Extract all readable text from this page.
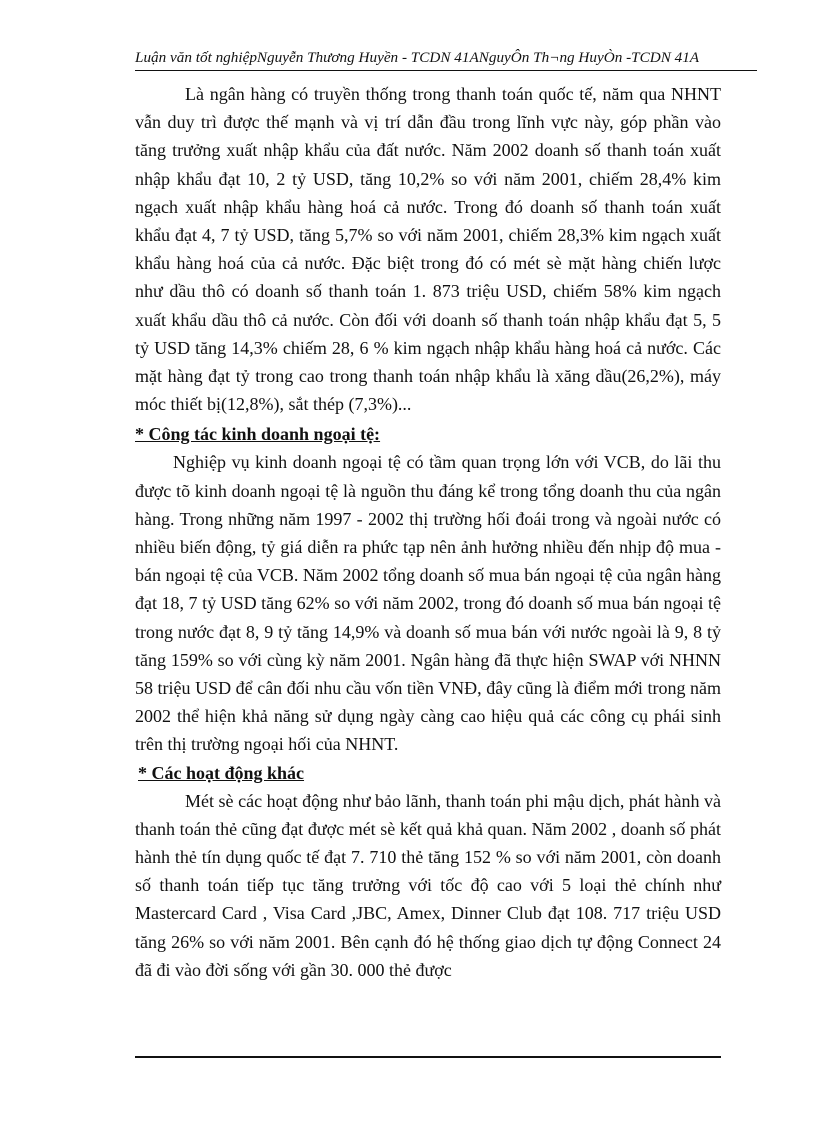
Luận văn tốt nghiệpNguyễn Thương Huyền - TCDN 41ANguyÔn Th¬ng HuyÒn -TCDN 41A

Là ngân hàng có truyền thống trong thanh toán quốc tế, năm qua NHNT vẫn duy trì được thế mạnh và vị trí dẫn đầu trong lĩnh vực này, góp phần vào tăng trưởng xuất nhập khẩu của đất nước. Năm 2002 doanh số thanh toán xuất nhập khẩu đạt 10, 2 tỷ USD, tăng 10,2% so với năm 2001, chiếm 28,4% kim ngạch xuất nhập khẩu hàng hoá cả nước. Trong đó doanh số thanh toán xuất khẩu đạt 4, 7 tỷ USD, tăng 5,7% so với năm 2001, chiếm 28,3% kim ngạch xuất khẩu hàng hoá của cả nước. Đặc biệt trong đó có mét sè mặt hàng chiến lược như dầu thô có doanh số thanh toán 1. 873 triệu USD, chiếm 58% kim ngạch xuất khẩu dầu thô cả nước. Còn đối với doanh số thanh toán nhập khẩu đạt 5, 5 tỷ USD tăng 14,3% chiếm 28, 6 % kim ngạch nhập khẩu hàng hoá cả nước. Các mặt hàng đạt tỷ trong cao trong thanh toán nhập khẩu là xăng dầu(26,2%), máy móc thiết bị(12,8%), sắt thép (7,3%)...

* Công tác kinh doanh ngoại tệ:

Nghiệp vụ kinh doanh ngoại tệ có tầm quan trọng lớn với VCB, do lãi thu được tõ kinh doanh ngoại tệ là nguồn thu đáng kể trong tổng doanh thu của ngân hàng. Trong những năm 1997 - 2002 thị trường hối đoái trong và ngoài nước có nhiều biến động, tỷ giá diễn ra phức tạp nên ảnh hưởng nhiều đến nhịp độ mua - bán ngoại tệ của VCB. Năm 2002 tổng doanh số mua bán ngoại tệ của ngân hàng đạt 18, 7 tỷ USD tăng 62% so với năm 2002, trong đó doanh số mua bán ngoại tệ trong nước đạt 8, 9 tỷ tăng 14,9% và doanh số mua bán với nước ngoài là 9, 8 tỷ tăng 159% so với cùng kỳ năm 2001. Ngân hàng đã thực hiện SWAP với NHNN 58 triệu USD để cân đối nhu cầu vốn tiền VNĐ, đây cũng là điểm mới trong năm 2002 thể hiện khả năng sử dụng ngày càng cao hiệu quả các công cụ phái sinh trên thị trường ngoại hối của NHNT.

* Các hoạt động khác

Mét sè các hoạt động như bảo lãnh, thanh toán phi mậu dịch, phát hành và thanh toán thẻ cũng đạt được mét sè kết quả khả quan. Năm 2002 , doanh số phát hành thẻ tín dụng quốc tế đạt 7. 710 thẻ tăng 152 % so với năm 2001, còn doanh số thanh toán tiếp tục tăng trưởng với tốc độ cao với 5 loại thẻ chính như Mastercard Card , Visa Card ,JBC, Amex, Dinner Club đạt 108. 717 triệu USD tăng 26% so với năm 2001. Bên cạnh đó hệ thống giao dịch tự động Connect 24 đã đi vào đời sống với gần 30. 000 thẻ được
